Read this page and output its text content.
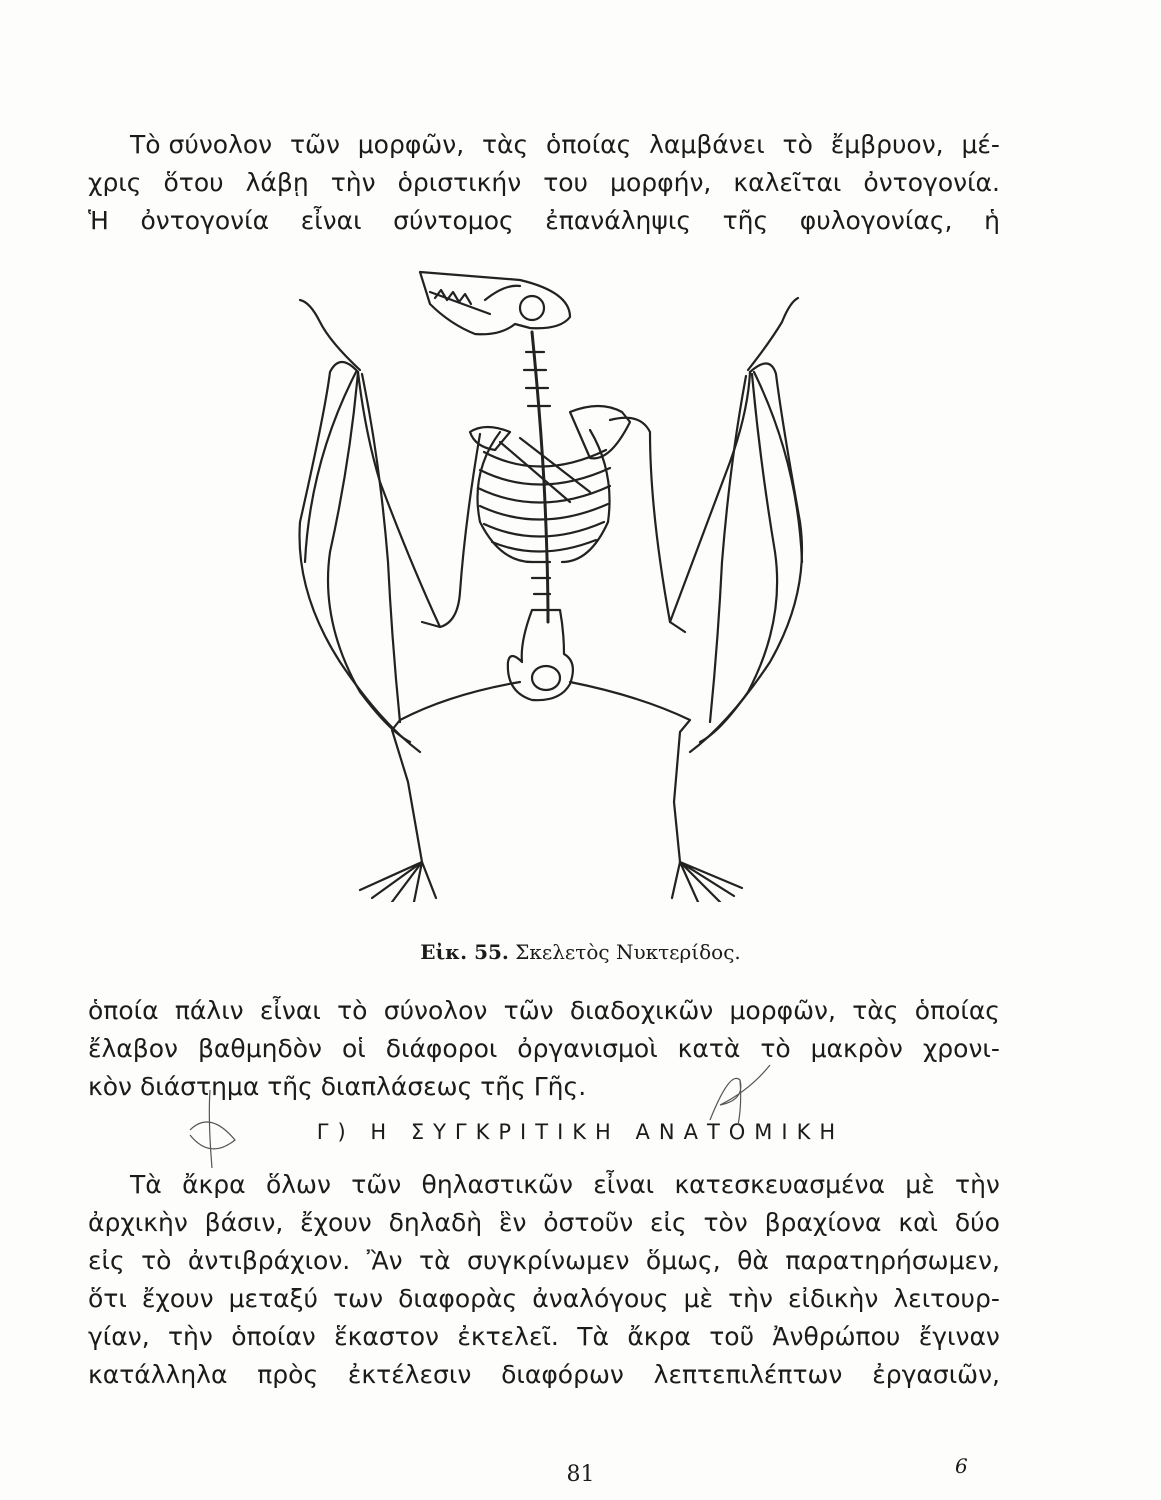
Τὸ σύνολον τῶν μορφῶν, τὰς ὁποίας λαμβάνει τὸ ἔμβρυον, μέ-
χρις ὅτου λάβῃ τὴν ὁριστικήν του μορφήν, καλεῖται ὀντογονία.
Ἡ ὀντογονία εἶναι σύντομος ἐπανάληψις τῆς φυλογονίας, ἡ
Εἰκ. 55. Σκελετὸς Νυκτερίδος.
ὁποία πάλιν εἶναι τὸ σύνολον τῶν διαδοχικῶν μορφῶν, τὰς ὁποίας
ἔλαβον βαθμηδὸν οἱ διάφοροι ὀργανισμοὶ κατὰ τὸ μακρὸν χρονι-
κὸν διάστημα τῆς διαπλάσεως τῆς Γῆς.
Γ) Η ΣΥΓΚΡΙΤΙΚΗ ΑΝΑΤΟΜΙΚΗ
Τὰ ἄκρα ὅλων τῶν θηλαστικῶν εἶναι κατεσκευασμένα μὲ τὴν
ἀρχικὴν βάσιν, ἔχουν δηλαδὴ ἓν ὀστοῦν εἰς τὸν βραχίονα καὶ δύο
εἰς τὸ ἀντιβράχιον. Ἂν τὰ συγκρίνωμεν ὅμως, θὰ παρατηρήσωμεν,
ὅτι ἔχουν μεταξύ των διαφορὰς ἀναλόγους μὲ τὴν εἰδικὴν λειτουρ-
γίαν, τὴν ὁποίαν ἕκαστον ἐκτελεῖ. Τὰ ἄκρα τοῦ Ἀνθρώπου ἔγιναν
κατάλληλα πρὸς ἐκτέλεσιν διαφόρων λεπτεπιλέπτων ἐργασιῶν,
81	6
